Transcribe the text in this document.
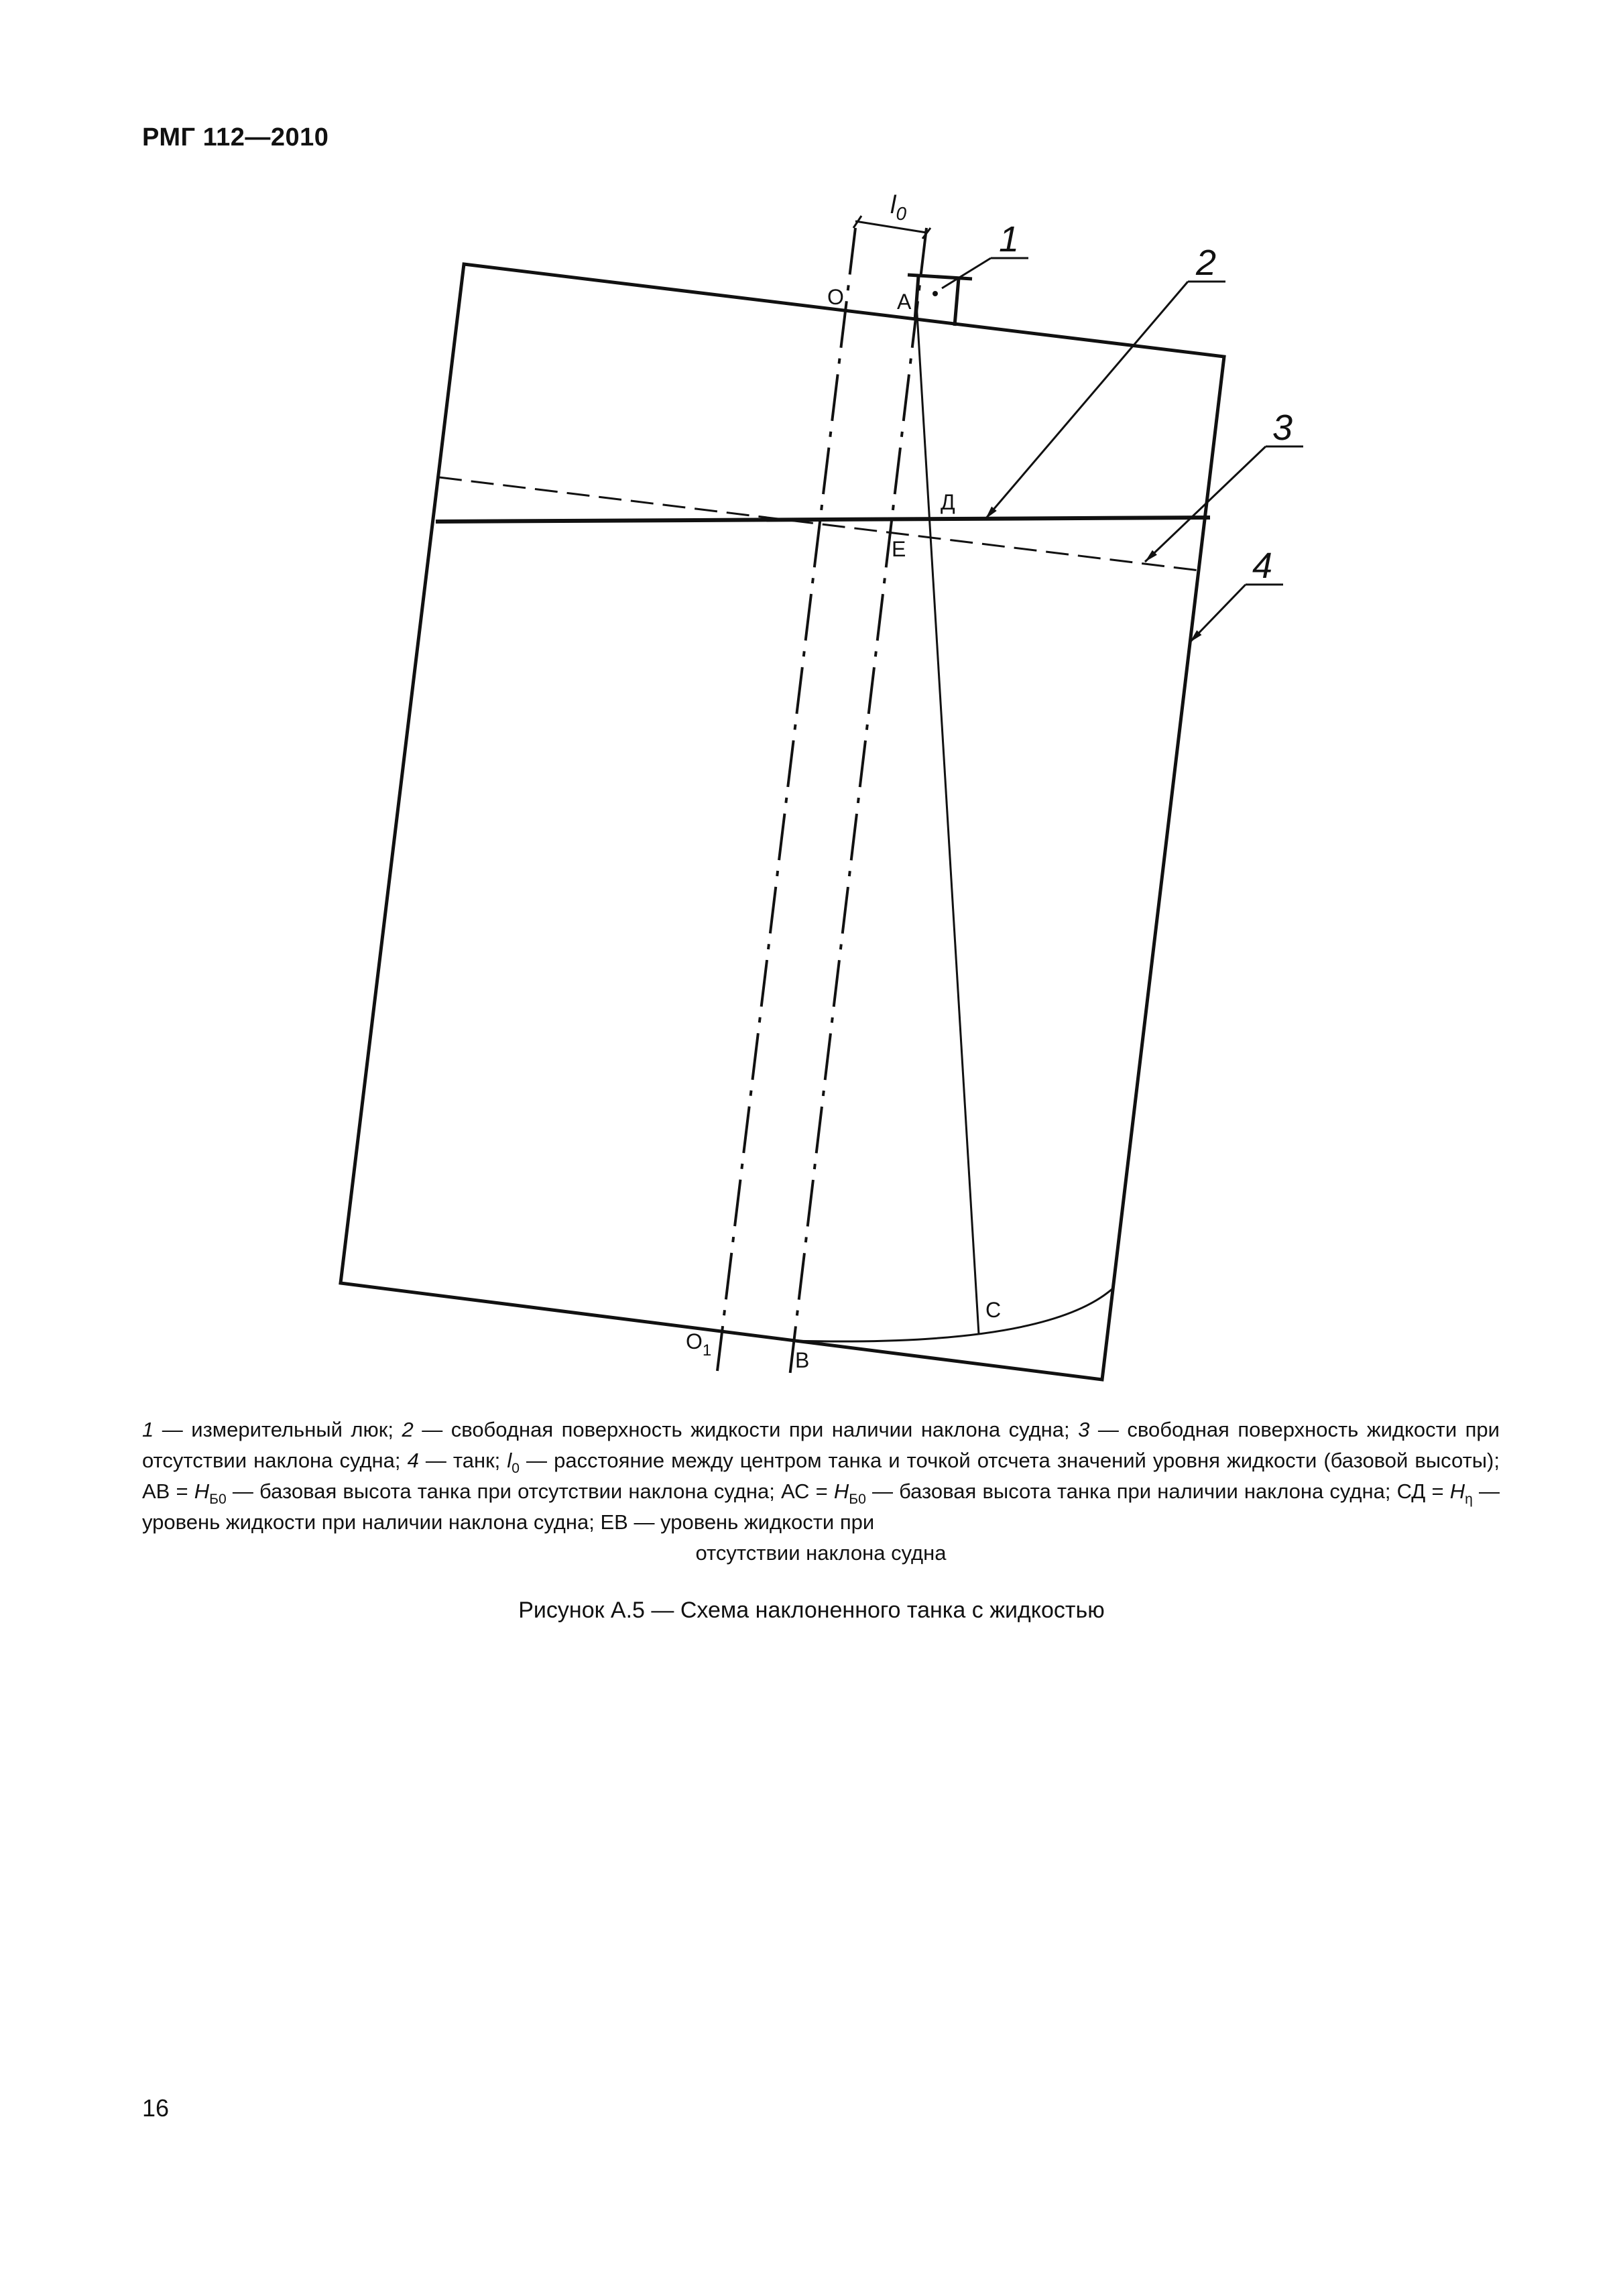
РМГ 112—2010
$l_0$
О А
Д
Е
С
В
$О_1$
1
2
3
4
1 — измерительный люк; 2 — свободная поверхность жидкости при наличии наклона судна; 3 — свободная поверхность жидкости при отсутствии наклона судна; 4 — танк; $l_0$ — расстояние между центром танка и точкой отсчета значений уровня жидкости (базовой высоты); АВ = $H_{Б0}$ — базовая высота танка при отсутствии наклона судна; АС = $H_{Б0}$ — базовая высота танка при наличии наклона судна; СД = $H_\eta$ — уровень жидкости при наличии наклона судна; ЕВ — уровень жидкости при
отсутствии наклона судна
Рисунок А.5 — Схема наклоненного танка с жидкостью
16
